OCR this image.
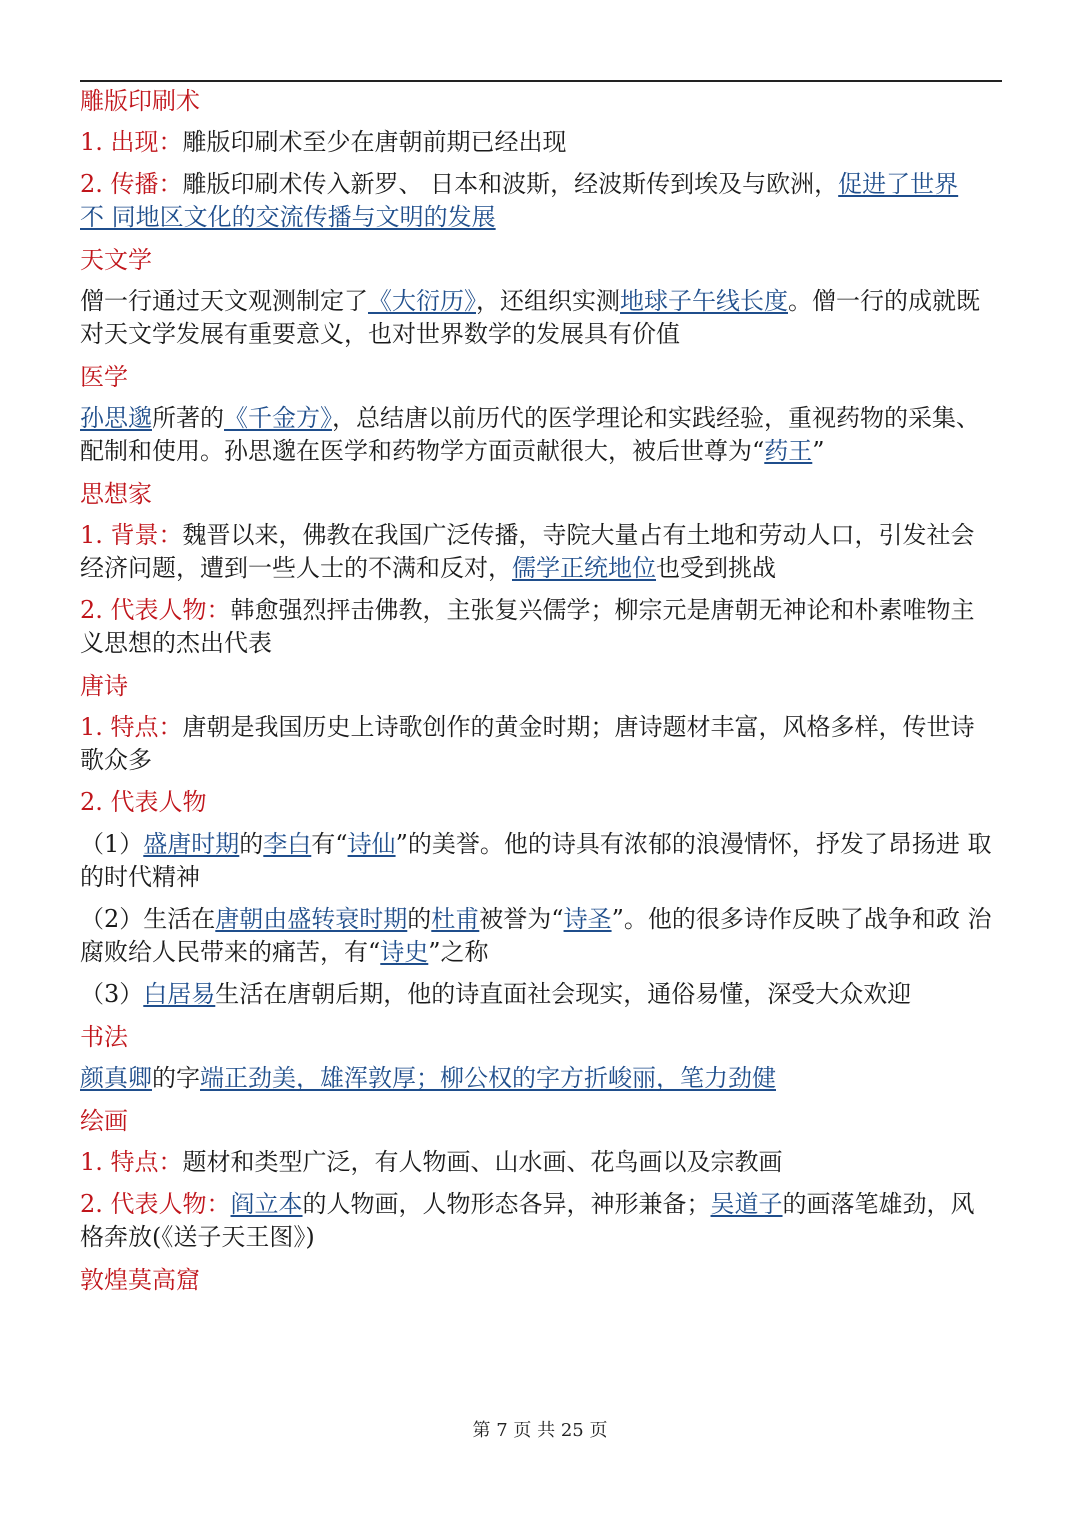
雕版印刷术
1. 出现：雕版印刷术至少在唐朝前期已经出现
2. 传播：雕版印刷术传入新罗、 日本和波斯，经波斯传到埃及与欧洲，促进了世界不 同地区文化的交流传播与文明的发展
天文学
僧一行通过天文观测制定了《大衍历》，还组织实测地球子午线长度。僧一行的成就既 对天文学发展有重要意义，也对世界数学的发展具有价值
医学
孙思邈所著的《千金方》，总结唐以前历代的医学理论和实践经验，重视药物的采集、 配制和使用。孙思邈在医学和药物学方面贡献很大，被后世尊为“药王”
思想家
1. 背景：魏晋以来，佛教在我国广泛传播，寺院大量占有土地和劳动人口，引发社会 经济问题，遭到一些人士的不满和反对，儒学正统地位也受到挑战
2. 代表人物：韩愈强烈抨击佛教，主张复兴儒学；柳宗元是唐朝无神论和朴素唯物主 义思想的杰出代表
唐诗
1. 特点：唐朝是我国历史上诗歌创作的黄金时期；唐诗题材丰富，风格多样，传世诗 歌众多
2. 代表人物
（1）盛唐时期的李白有“诗仙”的美誉。他的诗具有浓郁的浪漫情怀，抒发了昂扬进 取的时代精神
（2）生活在唐朝由盛转衰时期的杜甫被誉为“诗圣”。他的很多诗作反映了战争和政 治腐败给人民带来的痛苦，有“诗史”之称
（3）白居易生活在唐朝后期，他的诗直面社会现实，通俗易懂，深受大众欢迎
书法
颜真卿的字端正劲美，雄浑敦厚；柳公权的字方折峻丽，笔力劲健
绘画
1. 特点：题材和类型广泛，有人物画、山水画、花鸟画以及宗教画
2. 代表人物：阎立本的人物画，人物形态各异，神形兼备；吴道子的画落笔雄劲，风 格奔放(《送子天王图》)
敦煌莫高窟
第 7 页 共 25 页
